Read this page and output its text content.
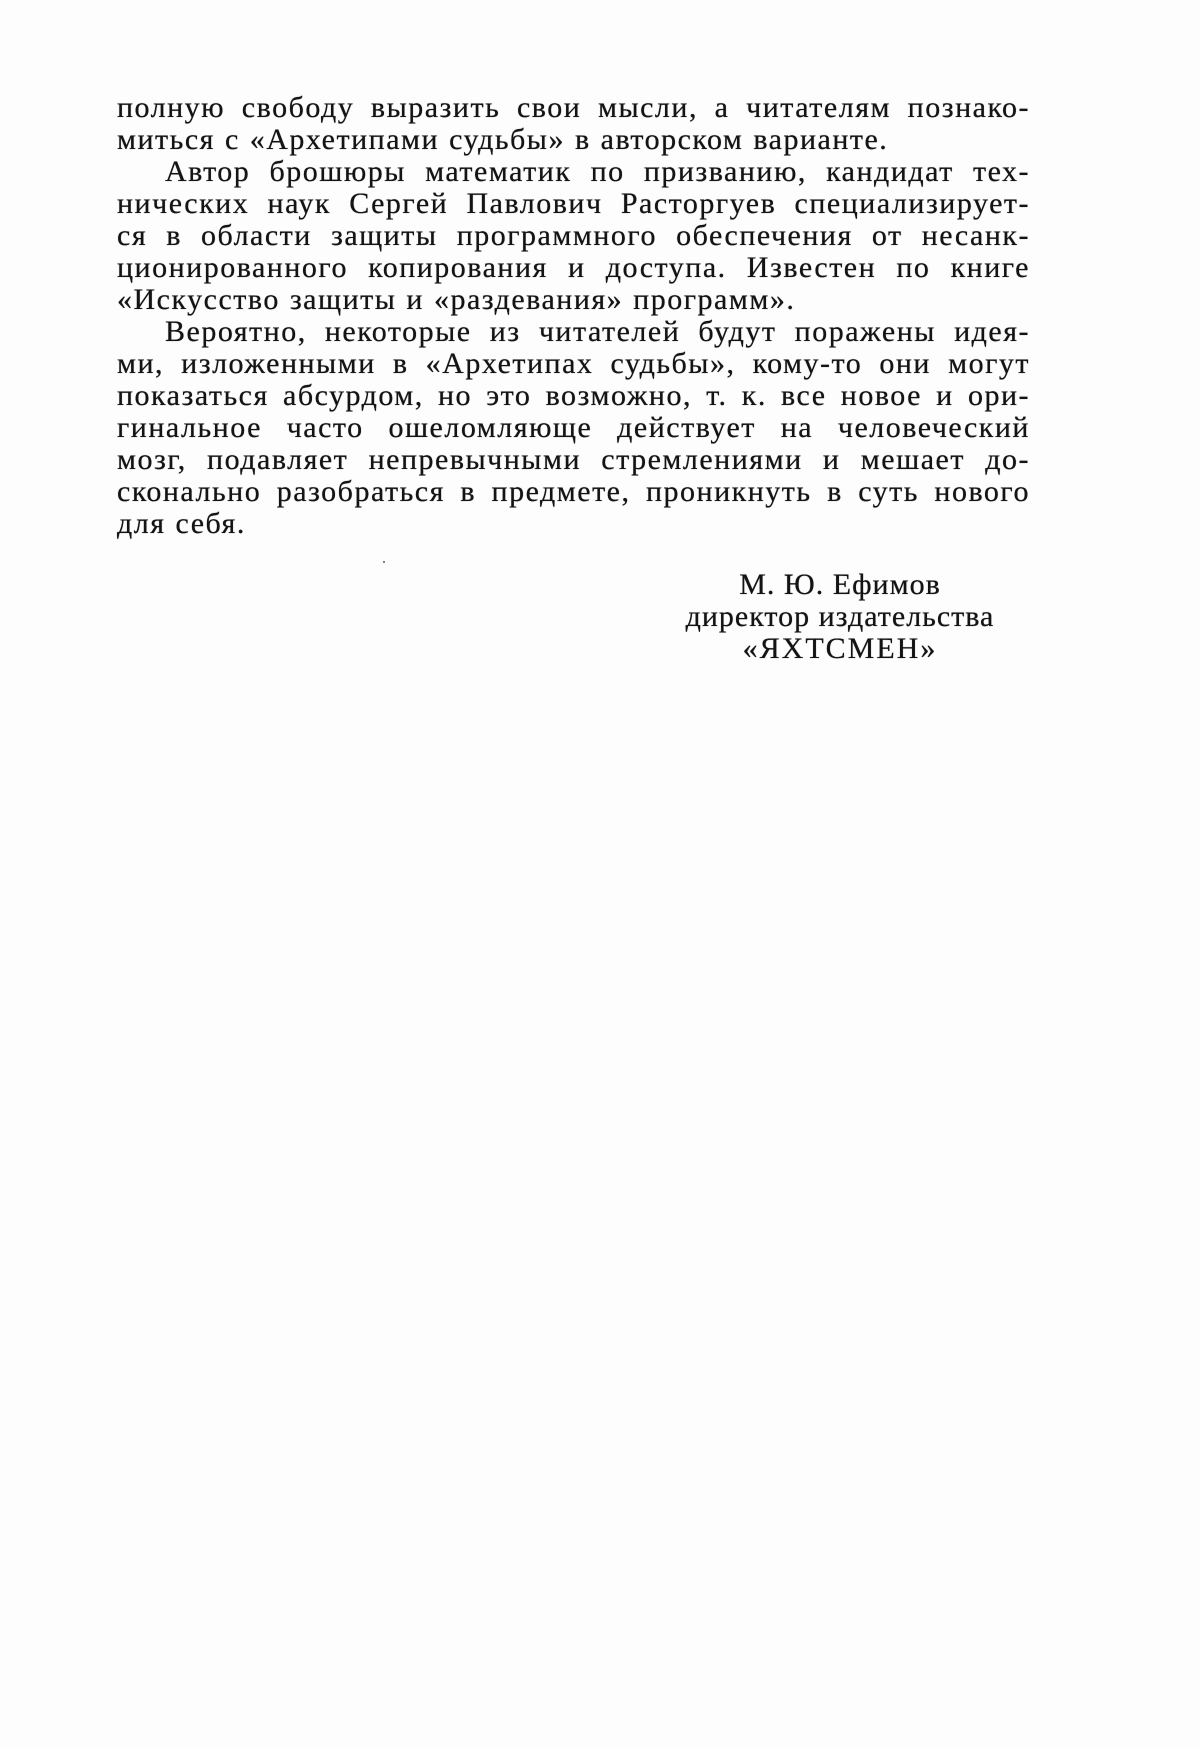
полную свободу выразить свои мысли, а читателям познако-
миться с «Архетипами судьбы» в авторском варианте.
Автор брошюры математик по призванию, кандидат тех-
нических наук Сергей Павлович Расторгуев специализирует-
ся в области защиты программного обеспечения от несанк-
ционированного копирования и доступа. Известен по книге
«Искусство защиты и «раздевания» программ».
Вероятно, некоторые из читателей будут поражены идея-
ми, изложенными в «Архетипах судьбы», кому-то они могут
показаться абсурдом, но это возможно, т. к. все новое и ори-
гинальное часто ошеломляюще действует на человеческий
мозг, подавляет непревычными стремлениями и мешает до-
сконально разобраться в предмете, проникнуть в суть нового
для себя.
М. Ю. Ефимов
директор издательства
«ЯХТСМЕН»
